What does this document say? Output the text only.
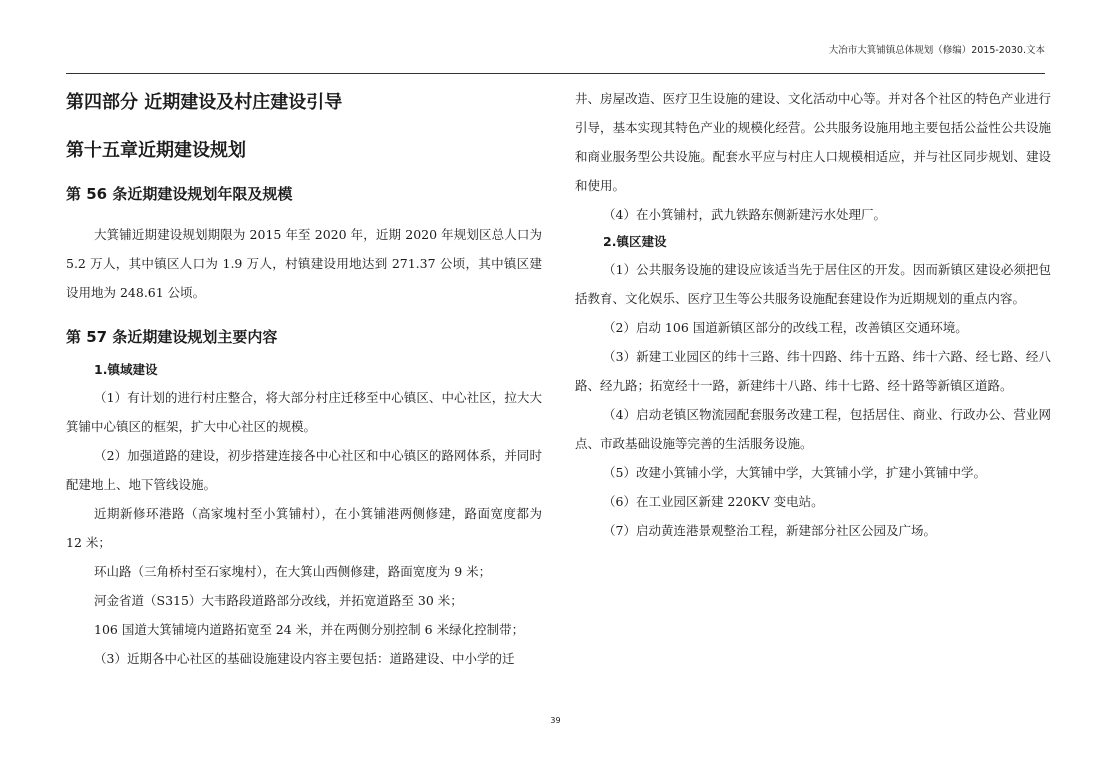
大冶市大箕铺镇总体规划（修编）2015-2030.文本
第四部分 近期建设及村庄建设引导
第十五章近期建设规划
第 56 条近期建设规划年限及规模

大箕铺近期建设规划期限为 2015 年至 2020 年，近期 2020 年规划区总人口为 5.2 万人，其中镇区人口为 1.9 万人，村镇建设用地达到 271.37 公顷，其中镇区建设用地为 248.61 公顷。

第 57 条近期建设规划主要内容
1.镇域建设

（1）有计划的进行村庄整合，将大部分村庄迁移至中心镇区、中心社区，拉大大箕铺中心镇区的框架，扩大中心社区的规模。

（2）加强道路的建设，初步搭建连接各中心社区和中心镇区的路网体系，并同时配建地上、地下管线设施。

近期新修环港路（高家塊村至小箕铺村），在小箕铺港两侧修建，路面宽度都为 12 米；

环山路（三角桥村至石家塊村），在大箕山西侧修建，路面宽度为 9 米；

河金省道（S315）大韦路段道路部分改线，并拓宽道路至 30 米；

106 国道大箕铺境内道路拓宽至 24 米，并在两侧分别控制 6 米绿化控制带；

（3）近期各中心社区的基础设施建设内容主要包括：道路建设、中小学的迁

井、房屋改造、医疗卫生设施的建设、文化活动中心等。并对各个社区的特色产业进行引导，基本实现其特色产业的规模化经营。公共服务设施用地主要包括公益性公共设施和商业服务型公共设施。配套水平应与村庄人口规模相适应，并与社区同步规划、建设和使用。

（4）在小箕铺村，武九铁路东侧新建污水处理厂。

2.镇区建设

（1）公共服务设施的建设应该适当先于居住区的开发。因而新镇区建设必须把包括教育、文化娱乐、医疗卫生等公共服务设施配套建设作为近期规划的重点内容。

（2）启动 106 国道新镇区部分的改线工程，改善镇区交通环境。

（3）新建工业园区的纬十三路、纬十四路、纬十五路、纬十六路、经七路、经八路、经九路；拓宽经十一路，新建纬十八路、纬十七路、经十路等新镇区道路。

（4）启动老镇区物流园配套服务改建工程，包括居住、商业、行政办公、营业网点、市政基础设施等完善的生活服务设施。

（5）改建小箕铺小学，大箕铺中学，大箕铺小学，扩建小箕铺中学。

（6）在工业园区新建 220KV 变电站。

（7）启动黄连港景观整治工程，新建部分社区公园及广场。

39
